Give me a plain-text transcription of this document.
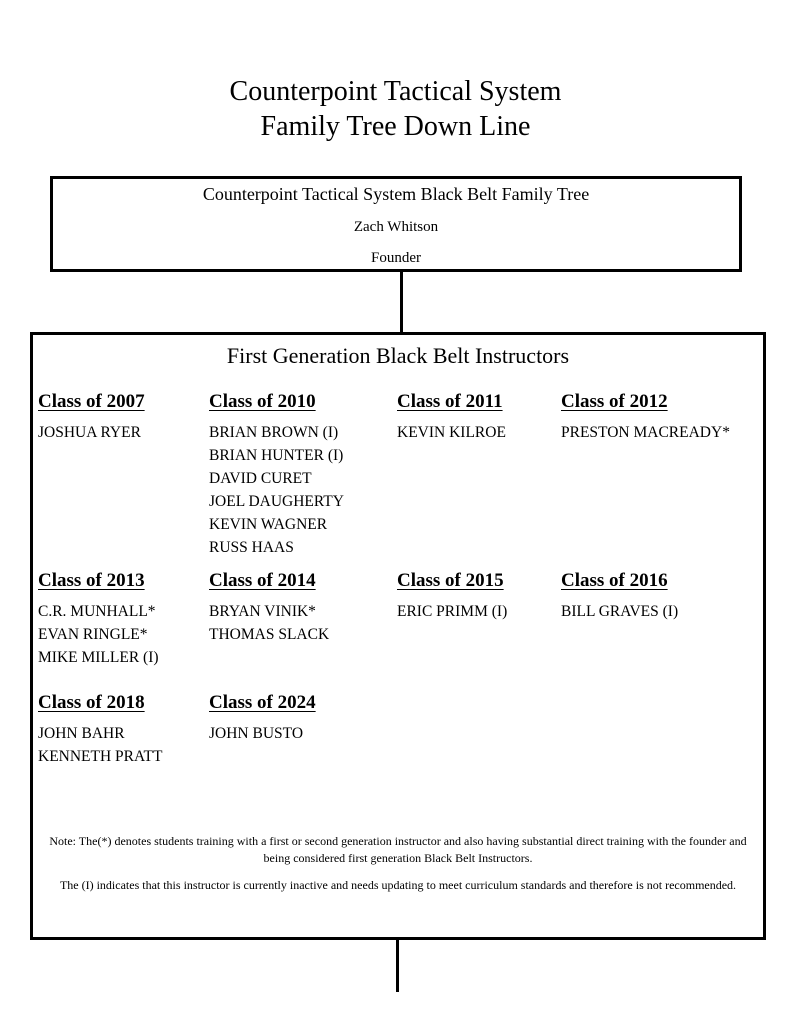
Counterpoint Tactical System
Family Tree Down Line
Counterpoint Tactical System Black Belt Family Tree
Zach Whitson
Founder
First Generation Black Belt Instructors
Class of 2007
JOSHUA RYER
Class of 2010
BRIAN BROWN (I)
BRIAN HUNTER (I)
DAVID CURET
JOEL DAUGHERTY
KEVIN WAGNER
RUSS HAAS
Class of 2011
KEVIN KILROE
Class of 2012
PRESTON MACREADY*
Class of 2013
C.R. MUNHALL*
EVAN RINGLE*
MIKE MILLER (I)
Class of 2014
BRYAN VINIK*
THOMAS SLACK
Class of 2015
ERIC PRIMM (I)
Class of 2016
BILL GRAVES (I)
Class of 2018
JOHN BAHR
KENNETH PRATT
Class of 2024
JOHN BUSTO
Note: The(*) denotes students training with a first or second generation instructor and also having substantial direct training with the founder and being considered first generation Black Belt Instructors.
The (I) indicates that this instructor is currently inactive and needs updating to meet curriculum standards and therefore is not recommended.
